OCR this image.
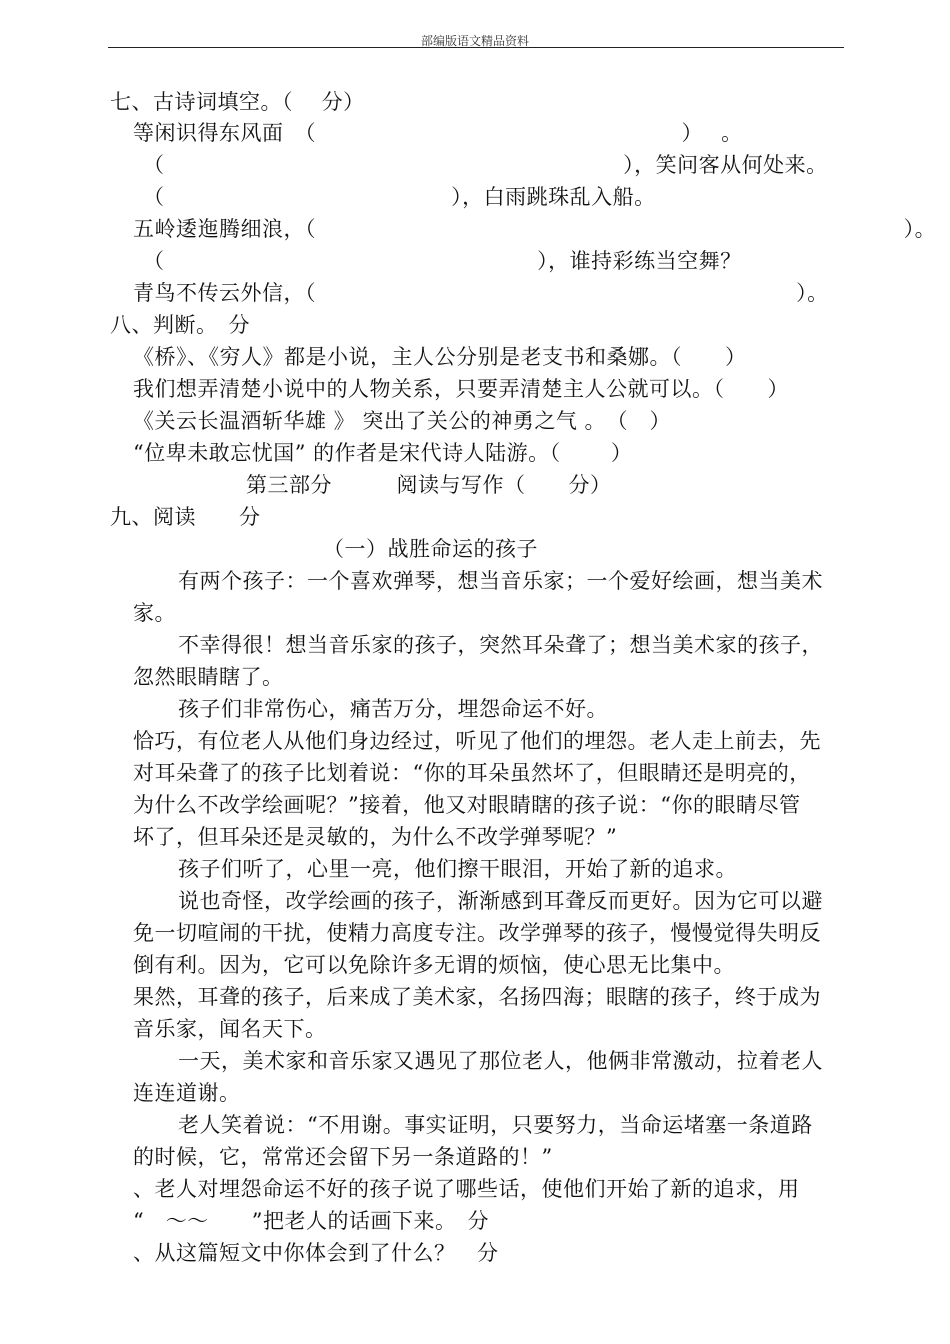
部编版语文精品资料
七、古诗词填空。（　 分）
等闲识得东风面　（　　　　　　　　　　　　　　　　　）　 。
（　　　　　　　　　　　　　　　　　　　　　 ），笑问客从何处来。
（　　　　　　　　　　　　　 ），白雨跳珠乱入船。
五岭逶迤腾细浪，（　　　　　　　　　　　　　　　　　　　　　　　　　　　 ）。
（　　　　　　　　　　　　　　　　　 ），谁持彩练当空舞？
青鸟不传云外信，（　　　　　　　　　　　　　　　　　　　　　　 ）。
八、判断。　分
《桥》、《穷人》都是小说，主人公分别是老支书和桑娜。（　　）
我们想弄清楚小说中的人物关系，只要弄清楚主人公就可以。（　　）
《关云长温酒斩华雄 》 突出了关公的神勇之气 。　（　）
“位卑未敢忘忧国” 的作者是宋代诗人陆游。（　　 ）
第三部分　　　阅读与写作（　　分）
九、阅读　　分
（一）战胜命运的孩子
有两个孩子：一个喜欢弹琴，想当音乐家；一个爱好绘画，想当美术
家。
不幸得很！想当音乐家的孩子，突然耳朵聋了；想当美术家的孩子，
忽然眼睛瞎了。
孩子们非常伤心，痛苦万分，埋怨命运不好。
恰巧，有位老人从他们身边经过，听见了他们的埋怨。老人走上前去，先
对耳朵聋了的孩子比划着说：“你的耳朵虽然坏了，但眼睛还是明亮的，
为什么不改学绘画呢？”接着，他又对眼睛瞎的孩子说：“你的眼睛尽管
坏了，但耳朵还是灵敏的，为什么不改学弹琴呢？”
孩子们听了，心里一亮，他们擦干眼泪，开始了新的追求。
说也奇怪，改学绘画的孩子，渐渐感到耳聋反而更好。因为它可以避
免一切喧闹的干扰，使精力高度专注。改学弹琴的孩子，慢慢觉得失明反
倒有利。因为，它可以免除许多无谓的烦恼，使心思无比集中。
果然，耳聋的孩子，后来成了美术家，名扬四海；眼瞎的孩子，终于成为
音乐家，闻名天下。
一天，美术家和音乐家又遇见了那位老人，他俩非常激动，拉着老人
连连道谢。
老人笑着说：“不用谢。事实证明，只要努力，当命运堵塞一条道路
的时候，它，常常还会留下另一条道路的！”
、老人对埋怨命运不好的孩子说了哪些话，使他们开始了新的追求，用
“　～～　　”把老人的话画下来。　分
、从这篇短文中你体会到了什么？　分
